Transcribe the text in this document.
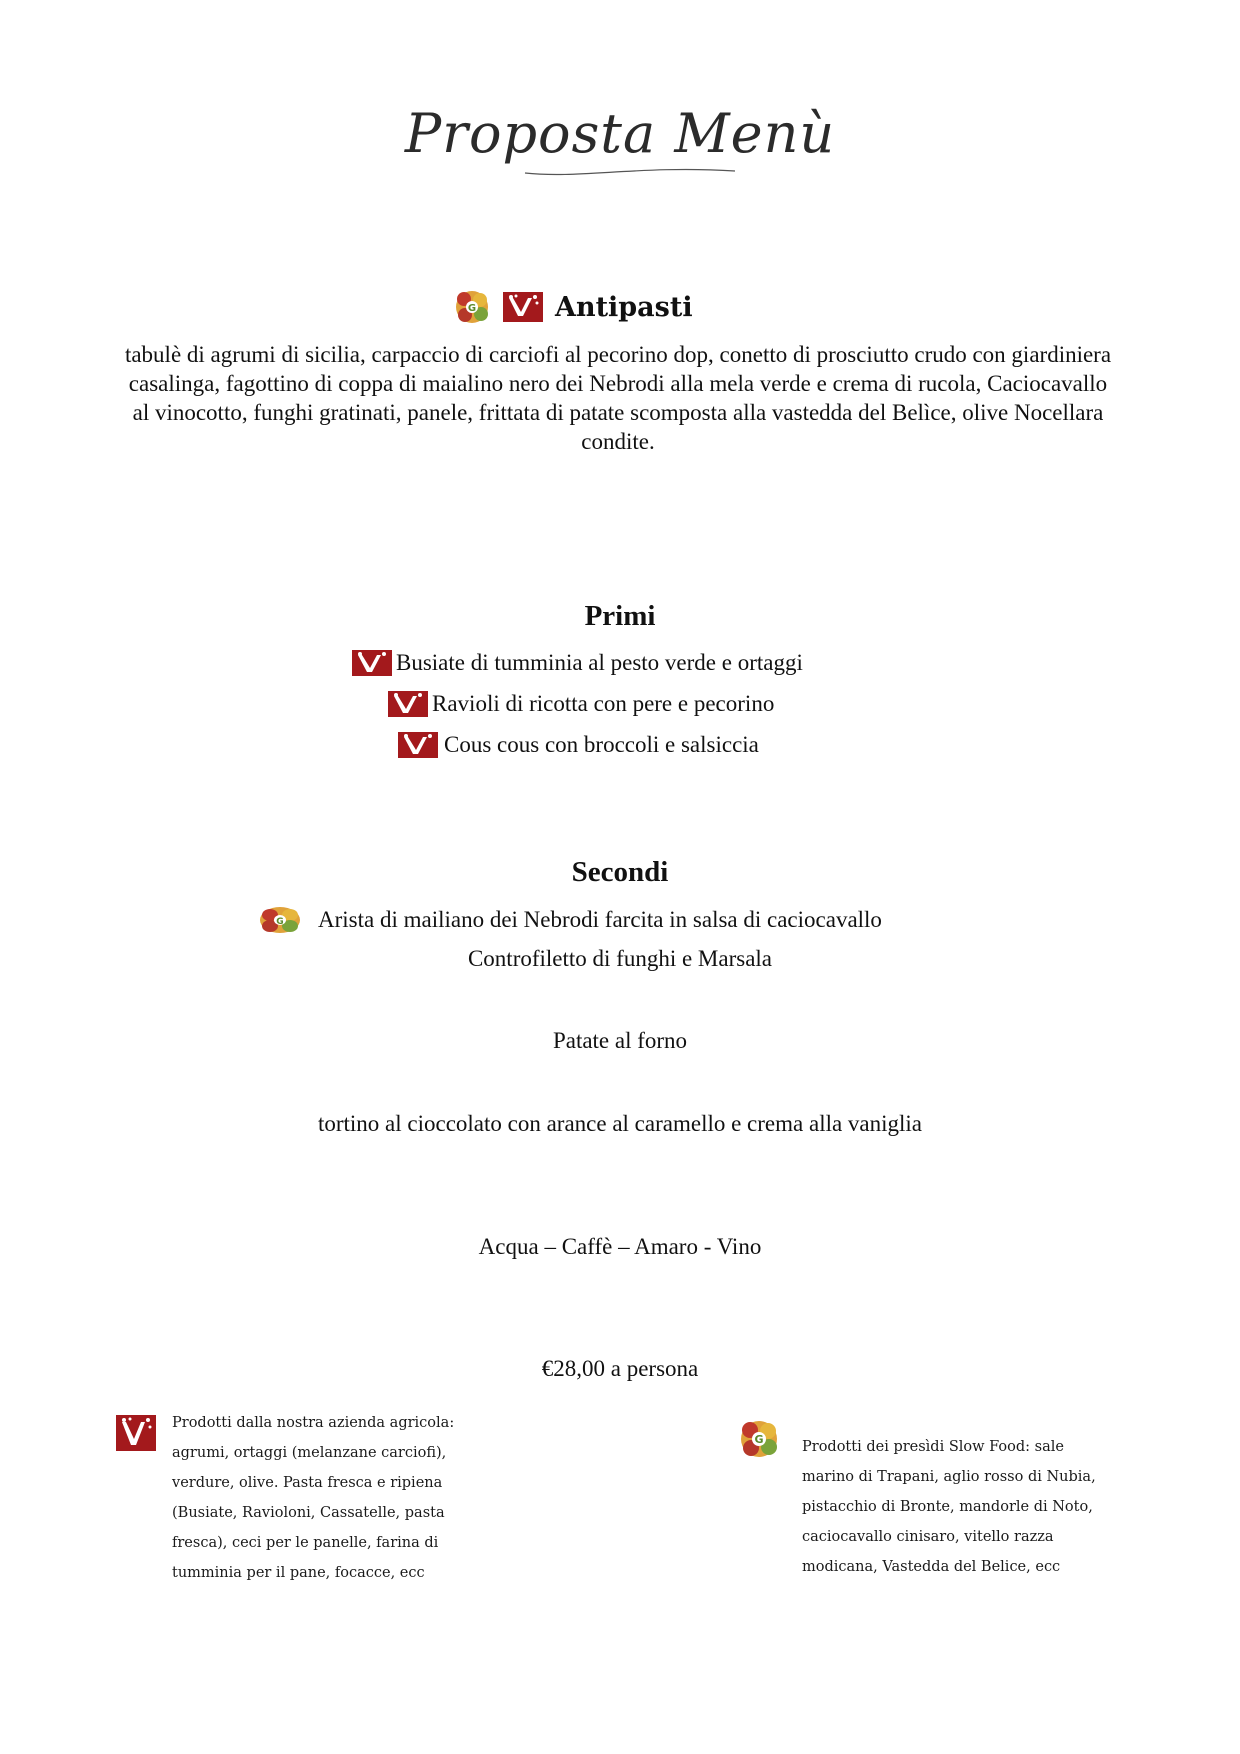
Proposta Menù
G	Antipasti
tabulè di agrumi di sicilia, carpaccio di carciofi al pecorino dop, conetto di prosciutto crudo con giardiniera casalinga, fagottino di coppa di maialino nero dei Nebrodi alla mela verde e crema di rucola, Caciocavallo al vinocotto, funghi gratinati, panele, frittata di patate scomposta alla vastedda del Belìce, olive Nocellara condite.
Primi
Busiate di tumminia al pesto verde e ortaggi
Ravioli di ricotta con pere e pecorino
Cous cous con broccoli e salsiccia
Secondi
G Arista di mailiano dei Nebrodi farcita in salsa di caciocavallo
Controfiletto di funghi e Marsala
Patate al forno
tortino al cioccolato con arance al caramello e crema alla vaniglia
Acqua – Caffè – Amaro - Vino
€28,00 a persona
Prodotti dalla nostra azienda agricola:
agrumi, ortaggi (melanzane carciofi),
verdure, olive. Pasta fresca e ripiena
(Busiate, Ravioloni, Cassatelle, pasta
fresca), ceci per le panelle, farina di
tumminia per il pane, focacce, ecc
G	Prodotti dei presìdi Slow Food: sale
marino di Trapani, aglio rosso di Nubia,
pistacchio di Bronte, mandorle di Noto,
caciocavallo cinisaro, vitello razza
modicana, Vastedda del Belice, ecc
